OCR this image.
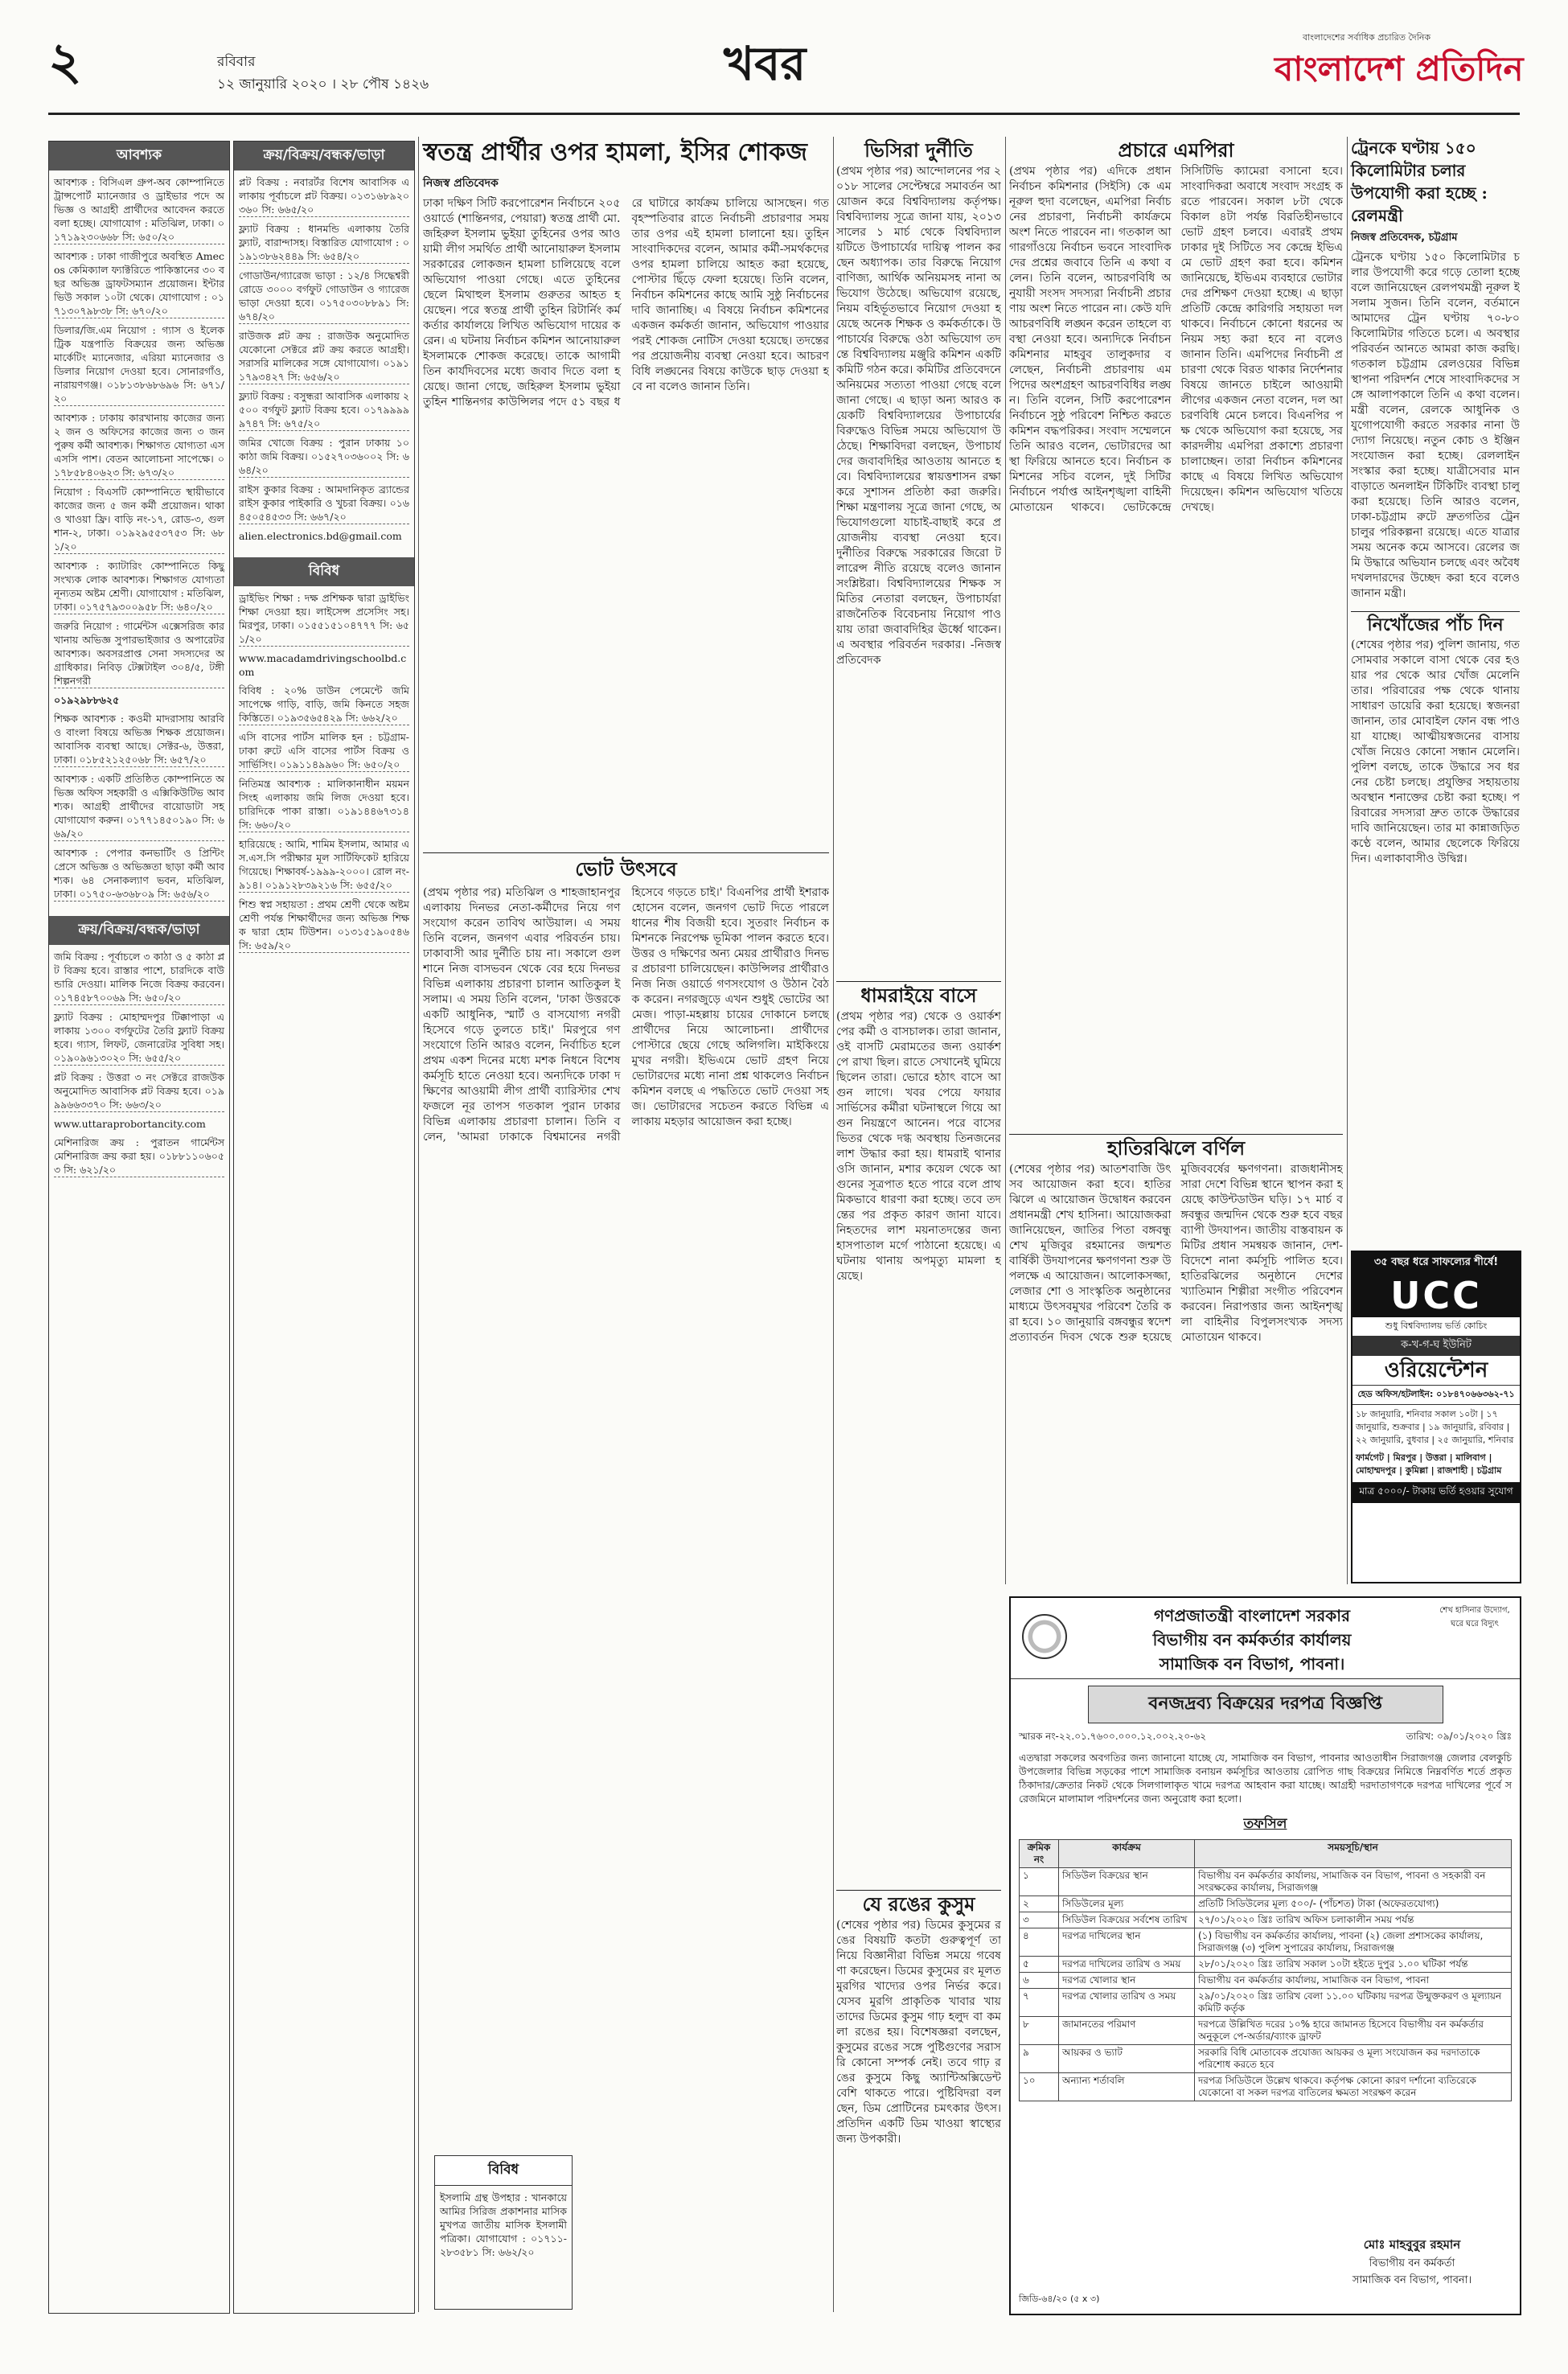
২	রবিবার
১২ জানুয়ারি ২০২০ । ২৮ পৌষ ১৪২৬	খবর	বাংলাদেশের সর্বাধিক প্রচারিত দৈনিক
বাংলাদেশ প্রতিদিন
আবশ্যক

আবশ্যক : বিসিএল গ্রুপ-অব কোম্পানিতে ট্রান্সপোর্ট ম্যানেজার ও ড্রাইভার পদে অভিজ্ঞ ও আগ্রহী প্রার্থীদের আবেদন করতে বলা হচ্ছে। যোগাযোগ : মতিঝিল, ঢাকা। ০১৭১৯২৩০৬৬৮ সি: ৬৫০/২০

আবশ্যক : ঢাকা গাজীপুরে অবস্থিত Amecos কেমিক্যাল ফ্যাক্টরিতে পাকিস্তানের ৩০ বছর অভিজ্ঞ ড্রাফটসম্যান প্রয়োজন। ইন্টারভিউ সকাল ১০টা থেকে। যোগাযোগ : ০১৭১৩০৭৯৮৩৮ সি: ৬৭০/২০

ডিলার/জি.এম নিয়োগ : গ্যাস ও ইলেকট্রিক যন্ত্রপাতি বিক্রয়ের জন্য অভিজ্ঞ মার্কেটিং ম্যানেজার, এরিয়া ম্যানেজার ও ডিলার নিয়োগ দেওয়া হবে। সোনারগাঁও, নারায়ণগঞ্জ। ০১৮১৩৮৬৮৬৯৬ সি: ৬৭১/২০

আবশ্যক : ঢাকায় কারখানায় কাজের জন্য ২ জন ও অফিসের কাজের জন্য ৩ জন পুরুষ কর্মী আবশ্যক। শিক্ষাগত যোগ্যতা এসএসসি পাশ। বেতন আলোচনা সাপেক্ষে। ০১৭৮৫৮৪০৬২৩ সি: ৬৭৩/২০

নিয়োগ : বিএসটি কোম্পানিতে স্থায়ীভাবে কাজের জন্য ৫ জন কর্মী প্রয়োজন। থাকা ও খাওয়া ফ্রি। বাড়ি নং-১৭, রোড-৩, গুলশান-২, ঢাকা। ০১৯২৯৫৫৩৭৫৩ সি: ৬৮১/২০

আবশ্যক : ক্যাটারিং কোম্পানিতে কিছু সংখ্যক লোক আবশ্যক। শিক্ষাগত যোগ্যতা নূন্যতম অষ্টম শ্রেণী। যোগাযোগ : মতিঝিল, ঢাকা। ০১৭৫৭৯৩০০৯৫৮ সি: ৬৪০/২০

জরুরি নিয়োগ : গার্মেন্টস এক্সেসরিজ কারখানায় অভিজ্ঞ সুপারভাইজার ও অপারেটর আবশ্যক। অবসরপ্রাপ্ত সেনা সদস্যদের অগ্রাধিকার। নিবিড় টেক্সটাইল ৩০৪/৫, টঙ্গী শিল্পনগরী

০১৯২৯৮৮৬২৫

শিক্ষক আবশ্যক : কওমী মাদরাসায় আরবি ও বাংলা বিষয়ে অভিজ্ঞ শিক্ষক প্রয়োজন। আবাসিক ব্যবস্থা আছে। সেক্টর-৬, উত্তরা, ঢাকা। ০১৮৫২১২৫০৬৮ সি: ৬৫৭/২০

আবশ্যক : একটি প্রতিষ্ঠিত কোম্পানিতে অভিজ্ঞ অফিস সহকারী ও এক্সিকিউটিভ আবশ্যক। আগ্রহী প্রার্থীদের বায়োডাটা সহ যোগাযোগ করুন। ০১৭৭১৪৫০১৯০ সি: ৬৬৯/২০

আবশ্যক : পেপার কনভার্টিং ও প্রিন্টিং প্রেসে অভিজ্ঞ ও অভিজ্ঞতা ছাড়া কর্মী আবশ্যক। ৬৪ সেনাকল্যাণ ভবন, মতিঝিল, ঢাকা। ০১৭৫০-৬৩৬৮০৯ সি: ৬৫৬/২০

ক্রয়/বিক্রয়/বন্ধক/ভাড়া

জমি বিক্রয় : পূর্বাচলে ৩ কাঠা ও ৫ কাঠা প্লট বিক্রয় হবে। রাস্তার পাশে, চারদিকে বাউন্ডারি দেওয়া। মালিক নিজে বিক্রয় করবেন। ০১৭৪৫৮৭০০৬৯ সি: ৬৫০/২০

ফ্ল্যাট বিক্রয় : মোহাম্মদপুর টিক্কাপাড়া এলাকায় ১৩০০ বর্গফুটের তৈরি ফ্ল্যাট বিক্রয় হবে। গ্যাস, লিফট, জেনারেটর সুবিধা সহ। ০১৯০৯৬১৩০২০ সি: ৬৫৫/২০

প্লট বিক্রয় : উত্তরা ৩ নং সেক্টরে রাজউক অনুমোদিত আবাসিক প্লট বিক্রয় হবে। ০১৯৯৯৬৬৩৩৭০ সি: ৬৬৩/২০

www.uttaraprobortancity.com

মেশিনারিজ ক্রয় : পুরাতন গার্মেন্টস মেশিনারিজ ক্রয় করা হয়। ০১৮৮১১০৬০৫৩ সি: ৬২১/২০

ক্রয়/বিক্রয়/বন্ধক/ভাড়া

প্লট বিক্রয় : নবারর্টর বিশেষ আবাসিক এলাকায় পূর্বাচলে প্লট বিক্রয়। ০১৩১৬৮৯২০৩৬০ সি: ৬৬৫/২০

ফ্ল্যাট বিক্রয় : ধানমন্ডি এলাকায় তৈরি ফ্ল্যাট, বারান্দাসহ। বিস্তারিত যোগাযোগ : ০১৯১৩৮৬২৪৪৯ সি: ৬৫৪/২০

গোডাউন/গ্যারেজ ভাড়া : ১২/৪ সিদ্ধেশ্বরী রোডে ৩০০০ বর্গফুট গোডাউন ও গ্যারেজ ভাড়া দেওয়া হবে। ০১৭৫০৩০৮৮৯১ সি: ৬৭৪/২০

রাউজক প্লট ক্রয় : রাজউক অনুমোদিত যেকোনো সেক্টরে প্লট ক্রয় করতে আগ্রহী। সরাসরি মালিকের সঙ্গে যোগাযোগ। ০১৯১১৭৯৩৪২৭ সি: ৬৫৬/২০

ফ্ল্যাট বিক্রয় : বসুন্ধরা আবাসিক এলাকায় ২৫০০ বর্গফুট ফ্ল্যাট বিক্রয় হবে। ০১৭৯৯৯৯৯৭৪৭ সি: ৬৭৫/২০

জমির খোজে বিক্রয় : পুরান ঢাকায় ১০ কাঠা জমি বিক্রয়। ০১৫২৭০৩৬০০২ সি: ৬৬৪/২০

রাইস কুকার বিক্রয় : আমদানিকৃত ব্র্যান্ডের রাইস কুকার পাইকারি ও খুচরা বিক্রয়। ০১৬৪৫০৫৪৫৩৩ সি: ৬৬৭/২০

alien.electronics.bd@gmail.com

বিবিধ

ড্রাইভিং শিক্ষা : দক্ষ প্রশিক্ষক দ্বারা ড্রাইভিং শিক্ষা দেওয়া হয়। লাইসেন্স প্রসেসিং সহ। মিরপুর, ঢাকা। ০১৫৫১৫১০৪৭৭৭ সি: ৬৫১/২০

www.macadamdrivingschoolbd.com

বিবিধ : ২০% ডাউন পেমেন্টে জমি সাপেক্ষে গাড়ি, বাড়ি, জমি কিনতে সহজ কিস্তিতে। ০১৯৩৫৬৫৪২৯ সি: ৬৬২/২০

এসি বাসের পার্টস মালিক হন : চট্টগ্রাম-ঢাকা রুটে এসি বাসের পার্টস বিক্রয় ও সার্ভিসিং। ০১৯১১৪৯৯৬০ সি: ৬৫০/২০

নিতিমন্ত্র আবশ্যক : মালিকানাধীন ময়মনসিংহ এলাকায় জমি লিজ দেওয়া হবে। চারিদিকে পাকা রাস্তা। ০১৯১৪৪৬৭৩১৪ সি: ৬৬০/২০

হারিয়েছে : আমি, শামিম ইসলাম, আমার এস.এস.সি পরীক্ষার মূল সার্টিফিকেট হারিয়ে গিয়েছে। শিক্ষাবর্ষ-১৯৯৯-২০০০। রোল নং-৯১৪। ০১৯১২৮৩৯২১৬ সি: ৬৫৫/২০

শিশু স্বপ্ন সহায়তা : প্রথম শ্রেণী থেকে অষ্টম শ্রেণী পর্যন্ত শিক্ষার্থীদের জন্য অভিজ্ঞ শিক্ষক দ্বারা হোম টিউশন। ০১৩১৫১৯০৫৪৬ সি: ৬৫৯/২০

স্বতন্ত্র প্রার্থীর ওপর হামলা, ইসির শোকজ
নিজস্ব প্রতিবেদক
ঢাকা দক্ষিণ সিটি করপোরেশন নির্বাচনে ২০৫ ওয়ার্ডে (শান্তিনগর, পেয়ারা) স্বতন্ত্র প্রার্থী মো. জহিরুল ইসলাম ভুইয়া তুহিনের ওপর আওয়ামী লীগ সমর্থিত প্রার্থী আনোয়ারুল ইসলাম সরকারের লোকজন হামলা চালিয়েছে বলে অভিযোগ পাওয়া গেছে। এতে তুহিনের ছেলে মিথাহুল ইসলাম গুরুতর আহত হয়েছেন। পরে স্বতন্ত্র প্রার্থী তুহিন রিটার্নিং কর্মকর্তার কার্যালয়ে লিখিত অভিযোগ দায়ের করেন। এ ঘটনায় নির্বাচন কমিশন আনোয়ারুল ইসলামকে শোকজ করেছে। তাকে আগামী তিন কার্যদিবসের মধ্যে জবাব দিতে বলা হয়েছে। জানা গেছে, জহিরুল ইসলাম ভুইয়া তুহিন শান্তিনগর কাউন্সিলর পদে ৫১ বছর ধরে ঘাটারে কার্যক্রম চালিয়ে আসছেন। গত বৃহস্পতিবার রাতে নির্বাচনী প্রচারণার সময় তার ওপর এই হামলা চালানো হয়। তুহিন সাংবাদিকদের বলেন, আমার কর্মী-সমর্থকদের ওপর হামলা চালিয়ে আহত করা হয়েছে, পোস্টার ছিঁড়ে ফেলা হয়েছে। তিনি বলেন, নির্বাচন কমিশনের কাছে আমি সুষ্ঠু নির্বাচনের দাবি জানাচ্ছি। এ বিষয়ে নির্বাচন কমিশনের একজন কর্মকর্তা জানান, অভিযোগ পাওয়ার পরই শোকজ নোটিস দেওয়া হয়েছে। তদন্তের পর প্রয়োজনীয় ব্যবস্থা নেওয়া হবে। আচরণবিধি লঙ্ঘনের বিষয়ে কাউকে ছাড় দেওয়া হবে না বলেও জানান তিনি।
ভোট উৎসবে
(প্রথম পৃষ্ঠার পর) মতিঝিল ও শাহজাহানপুর এলাকায় দিনভর নেতা-কর্মীদের নিয়ে গণসংযোগ করেন তাবিথ আউয়াল। এ সময় তিনি বলেন, জনগণ এবার পরিবর্তন চায়। ঢাকাবাসী আর দুর্নীতি চায় না। সকালে গুলশানে নিজ বাসভবন থেকে বের হয়ে দিনভর বিভিন্ন এলাকায় প্রচারণা চালান আতিকুল ইসলাম। এ সময় তিনি বলেন, 'ঢাকা উত্তরকে একটি আধুনিক, স্মার্ট ও বাসযোগ্য নগরী হিসেবে গড়ে তুলতে চাই।' মিরপুরে গণসংযোগে তিনি আরও বলেন, নির্বাচিত হলে প্রথম একশ দিনের মধ্যে মশক নিধনে বিশেষ কর্মসূচি হাতে নেওয়া হবে। অন্যদিকে ঢাকা দক্ষিণের আওয়ামী লীগ প্রার্থী ব্যারিস্টার শেখ ফজলে নূর তাপস গতকাল পুরান ঢাকার বিভিন্ন এলাকায় প্রচারণা চালান। তিনি বলেন, 'আমরা ঢাকাকে বিশ্বমানের নগরী হিসেবে গড়তে চাই।' বিএনপির প্রার্থী ইশরাক হোসেন বলেন, জনগণ ভোট দিতে পারলে ধানের শীষ বিজয়ী হবে। সুতরাং নির্বাচন কমিশনকে নিরপেক্ষ ভূমিকা পালন করতে হবে। উত্তর ও দক্ষিণের অন্য মেয়র প্রার্থীরাও দিনভর প্রচারণা চালিয়েছেন। কাউন্সিলর প্রার্থীরাও নিজ নিজ ওয়ার্ডে গণসংযোগ ও উঠান বৈঠক করেন। নগরজুড়ে এখন শুধুই ভোটের আমেজ। পাড়া-মহল্লায় চায়ের দোকানে চলছে প্রার্থীদের নিয়ে আলোচনা। প্রার্থীদের পোস্টারে ছেয়ে গেছে অলিগলি। মাইকিংয়ে মুখর নগরী। ইভিএমে ভোট গ্রহণ নিয়ে ভোটারদের মধ্যে নানা প্রশ্ন থাকলেও নির্বাচন কমিশন বলছে এ পদ্ধতিতে ভোট দেওয়া সহজ। ভোটারদের সচেতন করতে বিভিন্ন এলাকায় মহড়ার আয়োজন করা হচ্ছে।
বিবিধ
ইসলামি গ্রন্থ উপহার : খানকায়ে আমির সিরিজ প্রকাশনার মাসিক মুখপত্র জাতীয় মাসিক ইসলামী পত্রিকা। যোগাযোগ : ০১৭১১-২৮৩৫৮১ সি: ৬৬২/২০
ভিসিরা দুর্নীতি
(প্রথম পৃষ্ঠার পর) আন্দোলনের পর ২০১৮ সালের সেপ্টেম্বরে সমাবর্তন আয়োজন করে বিশ্ববিদ্যালয় কর্তৃপক্ষ। বিশ্ববিদ্যালয় সূত্রে জানা যায়, ২০১৩ সালের ১ মার্চ থেকে বিশ্ববিদ্যালয়টিতে উপাচার্যের দায়িত্ব পালন করছেন অধ্যাপক। তার বিরুদ্ধে নিয়োগ বাণিজ্য, আর্থিক অনিয়মসহ নানা অভিযোগ উঠেছে। অভিযোগ রয়েছে, নিয়ম বহির্ভূতভাবে নিয়োগ দেওয়া হয়েছে অনেক শিক্ষক ও কর্মকর্তাকে। উপাচার্যের বিরুদ্ধে ওঠা অভিযোগ তদন্তে বিশ্ববিদ্যালয় মঞ্জুরি কমিশন একটি কমিটি গঠন করে। কমিটির প্রতিবেদনে অনিয়মের সত্যতা পাওয়া গেছে বলে জানা গেছে। এ ছাড়া অন্য আরও কয়েকটি বিশ্ববিদ্যালয়ের উপাচার্যের বিরুদ্ধেও বিভিন্ন সময়ে অভিযোগ উঠেছে। শিক্ষাবিদরা বলছেন, উপাচার্যদের জবাবদিহির আওতায় আনতে হবে। বিশ্ববিদ্যালয়ের স্বায়ত্তশাসন রক্ষা করে সুশাসন প্রতিষ্ঠা করা জরুরি। শিক্ষা মন্ত্রণালয় সূত্রে জানা গেছে, অভিযোগগুলো যাচাই-বাছাই করে প্রয়োজনীয় ব্যবস্থা নেওয়া হবে। দুর্নীতির বিরুদ্ধে সরকারের জিরো টলারেন্স নীতি রয়েছে বলেও জানান সংশ্লিষ্টরা। বিশ্ববিদ্যালয়ের শিক্ষক সমিতির নেতারা বলছেন, উপাচার্যরা রাজনৈতিক বিবেচনায় নিয়োগ পাওয়ায় তারা জবাবদিহির ঊর্ধ্বে থাকেন। এ অবস্থার পরিবর্তন দরকার। -নিজস্ব প্রতিবেদক
ধামরাইয়ে বাসে
(প্রথম পৃষ্ঠার পর) থেকে ও ওয়ার্কশপের কর্মী ও বাসচালক। তারা জানান, ওই বাসটি মেরামতের জন্য ওয়ার্কশপে রাখা ছিল। রাতে সেখানেই ঘুমিয়ে ছিলেন তারা। ভোরে হঠাৎ বাসে আগুন লাগে। খবর পেয়ে ফায়ার সার্ভিসের কর্মীরা ঘটনাস্থলে গিয়ে আগুন নিয়ন্ত্রণে আনেন। পরে বাসের ভিতর থেকে দগ্ধ অবস্থায় তিনজনের লাশ উদ্ধার করা হয়। ধামরাই থানার ওসি জানান, মশার কয়েল থেকে আগুনের সূত্রপাত হতে পারে বলে প্রাথমিকভাবে ধারণা করা হচ্ছে। তবে তদন্তের পর প্রকৃত কারণ জানা যাবে। নিহতদের লাশ ময়নাতদন্তের জন্য হাসপাতাল মর্গে পাঠানো হয়েছে। এ ঘটনায় থানায় অপমৃত্যু মামলা হয়েছে।
যে রঙের কুসুম
(শেষের পৃষ্ঠার পর) ডিমের কুসুমের রঙের বিষয়টি কতটা গুরুত্বপূর্ণ তা নিয়ে বিজ্ঞানীরা বিভিন্ন সময়ে গবেষণা করেছেন। ডিমের কুসুমের রং মূলত মুরগির খাদ্যের ওপর নির্ভর করে। যেসব মুরগি প্রাকৃতিক খাবার খায় তাদের ডিমের কুসুম গাঢ় হলুদ বা কমলা রঙের হয়। বিশেষজ্ঞরা বলছেন, কুসুমের রঙের সঙ্গে পুষ্টিগুণের সরাসরি কোনো সম্পর্ক নেই। তবে গাঢ় রঙের কুসুমে কিছু অ্যান্টিঅক্সিডেন্ট বেশি থাকতে পারে। পুষ্টিবিদরা বলছেন, ডিম প্রোটিনের চমৎকার উৎস। প্রতিদিন একটি ডিম খাওয়া স্বাস্থ্যের জন্য উপকারী।
প্রচারে এমপিরা
(প্রথম পৃষ্ঠার পর) এদিকে প্রধান নির্বাচন কমিশনার (সিইসি) কে এম নূরুল হুদা বলেছেন, এমপিরা নির্বাচনের প্রচারণা, নির্বাচনী কার্যক্রমে অংশ নিতে পারবেন না। গতকাল আগারগাঁওয়ে নির্বাচন ভবনে সাংবাদিকদের প্রশ্নের জবাবে তিনি এ কথা বলেন। তিনি বলেন, আচরণবিধি অনুযায়ী সংসদ সদস্যরা নির্বাচনী প্রচারণায় অংশ নিতে পারেন না। কেউ যদি আচরণবিধি লঙ্ঘন করেন তাহলে ব্যবস্থা নেওয়া হবে। অন্যদিকে নির্বাচন কমিশনার মাহবুব তালুকদার বলেছেন, নির্বাচনী প্রচারণায় এমপিদের অংশগ্রহণ আচরণবিধির লঙ্ঘন। তিনি বলেন, সিটি করপোরেশন নির্বাচনে সুষ্ঠু পরিবেশ নিশ্চিত করতে কমিশন বদ্ধপরিকর। সংবাদ সম্মেলনে তিনি আরও বলেন, ভোটারদের আস্থা ফিরিয়ে আনতে হবে। নির্বাচন কমিশনের সচিব বলেন, দুই সিটির নির্বাচনে পর্যাপ্ত আইনশৃঙ্খলা বাহিনী মোতায়েন থাকবে। ভোটকেন্দ্রে সিসিটিভি ক্যামেরা বসানো হবে। সাংবাদিকরা অবাধে সংবাদ সংগ্রহ করতে পারবেন। সকাল ৮টা থেকে বিকাল ৪টা পর্যন্ত বিরতিহীনভাবে ভোট গ্রহণ চলবে। এবারই প্রথম ঢাকার দুই সিটিতে সব কেন্দ্রে ইভিএমে ভোট গ্রহণ করা হবে। কমিশন জানিয়েছে, ইভিএম ব্যবহারে ভোটারদের প্রশিক্ষণ দেওয়া হচ্ছে। এ ছাড়া প্রতিটি কেন্দ্রে কারিগরি সহায়তা দল থাকবে। নির্বাচনে কোনো ধরনের অনিয়ম সহ্য করা হবে না বলেও জানান তিনি। এমপিদের নির্বাচনী প্রচারণা থেকে বিরত থাকার নির্দেশনার বিষয়ে জানতে চাইলে আওয়ামী লীগের একজন নেতা বলেন, দল আচরণবিধি মেনে চলবে। বিএনপির পক্ষ থেকে অভিযোগ করা হয়েছে, সরকারদলীয় এমপিরা প্রকাশ্যে প্রচারণা চালাচ্ছেন। তারা নির্বাচন কমিশনের কাছে এ বিষয়ে লিখিত অভিযোগ দিয়েছেন। কমিশন অভিযোগ খতিয়ে দেখছে।
হাতিরঝিলে বর্ণিল
(শেষের পৃষ্ঠার পর) আতশবাজি উৎসব আয়োজন করা হবে। হাতিরঝিলে এ আয়োজন উদ্বোধন করবেন প্রধানমন্ত্রী শেখ হাসিনা। আয়োজকরা জানিয়েছেন, জাতির পিতা বঙ্গবন্ধু শেখ মুজিবুর রহমানের জন্মশতবার্ষিকী উদযাপনের ক্ষণগণনা শুরু উপলক্ষে এ আয়োজন। আলোকসজ্জা, লেজার শো ও সাংস্কৃতিক অনুষ্ঠানের মাধ্যমে উৎসবমুখর পরিবেশ তৈরি করা হবে। ১০ জানুয়ারি বঙ্গবন্ধুর স্বদেশ প্রত্যাবর্তন দিবস থেকে শুরু হয়েছে মুজিববর্ষের ক্ষণগণনা। রাজধানীসহ সারা দেশে বিভিন্ন স্থানে স্থাপন করা হয়েছে কাউন্টডাউন ঘড়ি। ১৭ মার্চ বঙ্গবন্ধুর জন্মদিন থেকে শুরু হবে বছরব্যাপী উদযাপন। জাতীয় বাস্তবায়ন কমিটির প্রধান সমন্বয়ক জানান, দেশ-বিদেশে নানা কর্মসূচি পালিত হবে। হাতিরঝিলের অনুষ্ঠানে দেশের খ্যাতিমান শিল্পীরা সংগীত পরিবেশন করবেন। নিরাপত্তার জন্য আইনশৃঙ্খলা বাহিনীর বিপুলসংখ্যক সদস্য মোতায়েন থাকবে।
ট্রেনকে ঘণ্টায় ১৫০ কিলোমিটার চলার উপযোগী করা হচ্ছে : রেলমন্ত্রী
নিজস্ব প্রতিবেদক, চট্টগ্রাম
ট্রেনকে ঘণ্টায় ১৫০ কিলোমিটার চলার উপযোগী করে গড়ে তোলা হচ্ছে বলে জানিয়েছেন রেলপথমন্ত্রী নূরুল ইসলাম সুজন। তিনি বলেন, বর্তমানে আমাদের ট্রেন ঘণ্টায় ৭০-৮০ কিলোমিটার গতিতে চলে। এ অবস্থার পরিবর্তন আনতে আমরা কাজ করছি। গতকাল চট্টগ্রাম রেলওয়ের বিভিন্ন স্থাপনা পরিদর্শন শেষে সাংবাদিকদের সঙ্গে আলাপকালে তিনি এ কথা বলেন। মন্ত্রী বলেন, রেলকে আধুনিক ও যুগোপযোগী করতে সরকার নানা উদ্যোগ নিয়েছে। নতুন কোচ ও ইঞ্জিন সংযোজন করা হচ্ছে। রেললাইন সংস্কার করা হচ্ছে। যাত্রীসেবার মান বাড়াতে অনলাইন টিকিটিং ব্যবস্থা চালু করা হয়েছে। তিনি আরও বলেন, ঢাকা-চট্টগ্রাম রুটে দ্রুতগতির ট্রেন চালুর পরিকল্পনা রয়েছে। এতে যাত্রার সময় অনেক কমে আসবে। রেলের জমি উদ্ধারে অভিযান চলছে এবং অবৈধ দখলদারদের উচ্ছেদ করা হবে বলেও জানান মন্ত্রী।
নিখোঁজের পাঁচ দিন
(শেষের পৃষ্ঠার পর) পুলিশ জানায়, গত সোমবার সকালে বাসা থেকে বের হওয়ার পর থেকে আর খোঁজ মেলেনি তার। পরিবারের পক্ষ থেকে থানায় সাধারণ ডায়েরি করা হয়েছে। স্বজনরা জানান, তার মোবাইল ফোন বন্ধ পাওয়া যাচ্ছে। আত্মীয়স্বজনের বাসায় খোঁজ নিয়েও কোনো সন্ধান মেলেনি। পুলিশ বলছে, তাকে উদ্ধারে সব ধরনের চেষ্টা চলছে। প্রযুক্তির সহায়তায় অবস্থান শনাক্তের চেষ্টা করা হচ্ছে। পরিবারের সদস্যরা দ্রুত তাকে উদ্ধারের দাবি জানিয়েছেন। তার মা কান্নাজড়িত কণ্ঠে বলেন, আমার ছেলেকে ফিরিয়ে দিন। এলাকাবাসীও উদ্বিগ্ন।
৩৫ বছর ধরে সাফল্যের শীর্ষে!
UCC
শুধু বিশ্ববিদ্যালয় ভর্তি কোচিং
ক-খ-গ-ঘ ইউনিট
ওরিয়েন্টেশন
হেড অফিস/হটলাইন: ০১৮৪৭০৬৬৩৬২-৭১
১৮ জানুয়ারি, শনিবার সকাল ১০টা | ১৭ জানুয়ারি, শুক্রবার | ১৯ জানুয়ারি, রবিবার | ২২ জানুয়ারি, বুধবার | ২৫ জানুয়ারি, শনিবার
ফার্মগেট | মিরপুর | উত্তরা | মালিবাগ | মোহাম্মদপুর | কুমিল্লা | রাজশাহী | চট্টগ্রাম
মাত্র ৫০০০/- টাকায় ভর্তি হওয়ার সুযোগ
গণপ্রজাতন্ত্রী বাংলাদেশ সরকার
বিভাগীয় বন কর্মকর্তার কার্যালয়
সামাজিক বন বিভাগ, পাবনা।
শেখ হাসিনার উদ্যোগ, ঘরে ঘরে বিদ্যুৎ
বনজদ্রব্য বিক্রয়ের দরপত্র বিজ্ঞপ্তি
স্মারক নং-২২.০১.৭৬০০.০০০.১২.০০২.২০-৬২	তারিখ: ০৯/০১/২০২০ খ্রিঃ
এতদ্বারা সকলের অবগতির জন্য জানানো যাচ্ছে যে, সামাজিক বন বিভাগ, পাবনার আওতাধীন সিরাজগঞ্জ জেলার বেলকুচি উপজেলার বিভিন্ন সড়কের পাশে সামাজিক বনায়ন কর্মসূচির আওতায় রোপিত গাছ বিক্রয়ের নিমিত্তে নিম্নবর্ণিত শর্তে প্রকৃত ঠিকাদার/ক্রেতার নিকট থেকে সিলগালাকৃত খামে দরপত্র আহবান করা যাচ্ছে। আগ্রহী দরদাতাগণকে দরপত্র দাখিলের পূর্বে সরেজমিনে মালামাল পরিদর্শনের জন্য অনুরোধ করা হলো।
তফসিল
ক্রমিক নং	কার্যক্রম	সময়সূচি/স্থান
১	সিডিউল বিক্রয়ের স্থান	বিভাগীয় বন কর্মকর্তার কার্যালয়, সামাজিক বন বিভাগ, পাবনা ও সহকারী বন সংরক্ষকের কার্যালয়, সিরাজগঞ্জ
২	সিডিউলের মূল্য	প্রতিটি সিডিউলের মূল্য ৫০০/- (পাঁচশত) টাকা (অফেরতযোগ্য)
৩	সিডিউল বিক্রয়ের সর্বশেষ তারিখ	২৭/০১/২০২০ খ্রিঃ তারিখ অফিস চলাকালীন সময় পর্যন্ত
৪	দরপত্র দাখিলের স্থান	(১) বিভাগীয় বন কর্মকর্তার কার্যালয়, পাবনা (২) জেলা প্রশাসকের কার্যালয়, সিরাজগঞ্জ (৩) পুলিশ সুপারের কার্যালয়, সিরাজগঞ্জ
৫	দরপত্র দাখিলের তারিখ ও সময়	২৮/০১/২০২০ খ্রিঃ তারিখ সকাল ১০টা হইতে দুপুর ১.০০ ঘটিকা পর্যন্ত
৬	দরপত্র খোলার স্থান	বিভাগীয় বন কর্মকর্তার কার্যালয়, সামাজিক বন বিভাগ, পাবনা
৭	দরপত্র খোলার তারিখ ও সময়	২৯/০১/২০২০ খ্রিঃ তারিখ বেলা ১১.০০ ঘটিকায় দরপত্র উন্মুক্তকরণ ও মূল্যায়ন কমিটি কর্তৃক
৮	জামানতের পরিমাণ	দরপত্রে উল্লিখিত দরের ১০% হারে জামানত হিসেবে বিভাগীয় বন কর্মকর্তার অনুকূলে পে-অর্ডার/ব্যাংক ড্রাফট
৯	আয়কর ও ভ্যাট	সরকারি বিধি মোতাবেক প্রযোজ্য আয়কর ও মূল্য সংযোজন কর দরদাতাকে পরিশোধ করতে হবে
১০	অন্যান্য শর্তাবলি	দরপত্র সিডিউলে উল্লেখ থাকবে। কর্তৃপক্ষ কোনো কারণ দর্শানো ব্যতিরেকে যেকোনো বা সকল দরপত্র বাতিলের ক্ষমতা সংরক্ষণ করেন
মোঃ মাহবুবুর রহমান
বিভাগীয় বন কর্মকর্তা
সামাজিক বন বিভাগ, পাবনা।
জিডি-৬৪/২০ (৫ x ৩)
